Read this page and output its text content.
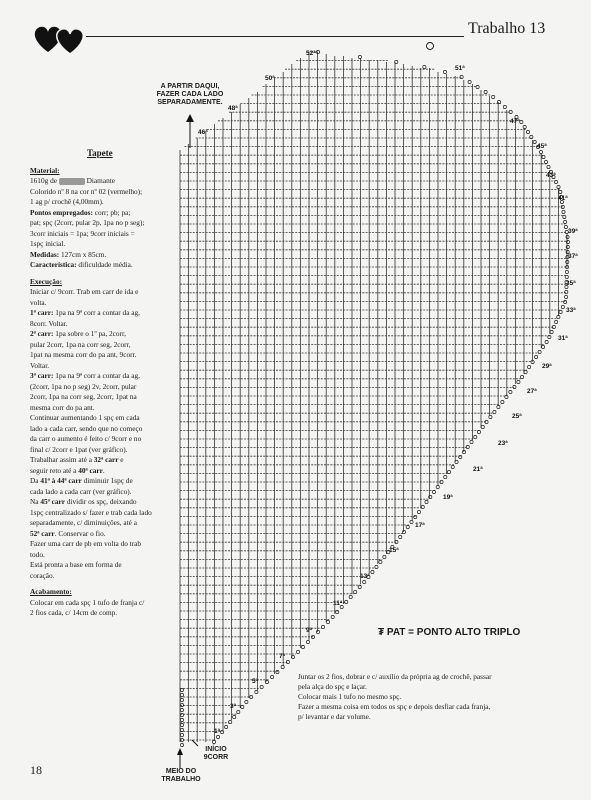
Trabalho 13
52ª
51ª
50ª
48ª
47ª
46ª
45ª
43ª
41ª
39ª
37ª
35ª
33ª
31ª
29ª
27ª
25ª
23ª
21ª
19ª
17ª
15ª
13ª
11ª
9ª
7ª
5ª
3ª
1ª
A PARTIR DAQUI,
FAZER CADA LADO
SEPARADAMENTE.
INÍCIO
9CORR
MEIO DO
TRABALHO
₮ PAT = PONTO ALTO TRIPLO
Tapete
Material:

1610g de	Diamante

Colorido nº 8 na cor nº 02 (vermelho);

1 ag p/ crochê (4,00mm).

Pontos empregados: corr; pb; pa;

pat; spç (2corr, pular 2p, 1pa no p seg);

3corr iniciais = 1pa; 9corr iniciais =

1spç inicial.

Medidas: 127cm x 85cm.

Característica: dificuldade média.

Execução:

Iniciar c/ 9corr. Trab em carr de ida e

volta.

1ª carr: 1pa na 9ª corr a contar da ag,

8corr. Voltar.

2ª carr: 1pa sobre o 1º pa, 2corr,

pular 2corr, 1pa na corr seg, 2corr,

1pat na mesma corr do pa ant, 9corr.

Voltar.

3ª carr: 1pa na 9ª corr a contar da ag,

(2corr, 1pa no p seg) 2v, 2corr, pular

2corr, 1pa na corr seg, 2corr, 1pat na

mesma corr do pa ant.

Continuar aumentando 1 spç em cada

lado a cada carr, sendo que no começo

da carr o aumento é feito c/ 9corr e no

final c/ 2corr e 1pat (ver gráfico).

Trabalhar assim até a 32ª carr e

seguir reto até a 40ª carr.

Da 41ª à 44ª carr diminuir 1spç de

cada lado a cada carr (ver gráfico).

Na 45ª carr dividir os spç, deixando

1spç centralizado s/ fazer e trab cada lado

separadamente, c/ diminuições, até a

52ª carr. Conservar o fio.

Fazer uma carr de pb em volta do trab

todo.

Está pronta a base em forma de

coração.

Acabamento:

Colocar em cada spç 1 tufo de franja c/

2 fios cada, c/ 14cm de comp.

Juntar os 2 fios, dobrar e c/ auxílio da própria ag de crochê, passar

pela alça do spç e laçar.

Colocar mais 1 tufo no mesmo spç.

Fazer a mesma coisa em todos os spç e depois desfiar cada franja,

p/ levantar e dar volume.

18
